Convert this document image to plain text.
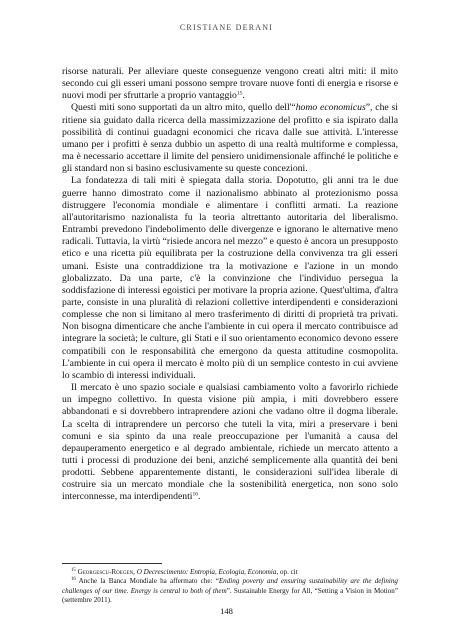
CRISTIANE DERANI

risorse naturali. Per alleviare queste conseguenze vengono creati altri miti: il mito secondo cui gli esseri umani possono sempre trovare nuove fonti di energia e risorse e nuovi modi per sfruttarle a proprio vantaggio$^{15}$.

Questi miti sono supportati da un altro mito, quello dell'“homo economicus”, che si ritiene sia guidato dalla ricerca della massimizzazione del profitto e sia ispirato dalla possibilità di continui guadagni economici che ricava dalle sue attività. L'interesse umano per i profitti è senza dubbio un aspetto di una realtà multiforme e complessa, ma è necessario accettare il limite del pensiero unidimensionale affinché le politiche e gli standard non si basino esclusivamente su queste concezioni.

La fondatezza di tali miti è spiegata dalla storia. Dopotutto, gli anni tra le due guerre hanno dimostrato come il nazionalismo abbinato al protezionismo possa distruggere l'economia mondiale e alimentare i conflitti armati. La reazione all'autoritarismo nazionalista fu la teoria altrettanto autoritaria del liberalismo. Entrambi prevedono l'indebolimento delle divergenze e ignorano le alternative meno radicali. Tuttavia, la virtù “risiede ancora nel mezzo” e questo è ancora un presupposto etico e una ricetta più equilibrata per la costruzione della convivenza tra gli esseri umani. Esiste una contraddizione tra la motivazione e l'azione in un mondo globalizzato. Da una parte, c'è la convinzione che l'individuo persegua la soddisfazione di interessi egoistici per motivare la propria azione. Quest'ultima, d'altra parte, consiste in una pluralità di relazioni collettive interdipendenti e considerazioni complesse che non si limitano al mero trasferimento di diritti di proprietà tra privati. Non bisogna dimenticare che anche l'ambiente in cui opera il mercato contribuisce ad integrare la società; le culture, gli Stati e il suo orientamento economico devono essere compatibili con le responsabilità che emergono da questa attitudine cosmopolita. L'ambiente in cui opera il mercato è molto più di un semplice contesto in cui avviene lo scambio di interessi individuali.

Il mercato è uno spazio sociale e qualsiasi cambiamento volto a favorirlo richiede un impegno collettivo. In questa visione più ampia, i miti dovrebbero essere abbandonati e si dovrebbero intraprendere azioni che vadano oltre il dogma liberale. La scelta di intraprendere un percorso che tuteli la vita, miri a preservare i beni comuni e sia spinto da una reale preoccupazione per l'umanità a causa del depauperamento energetico e al degrado ambientale, richiede un mercato attento a tutti i processi di produzione dei beni, anziché semplicemente alla quantità dei beni prodotti. Sebbene apparentemente distanti, le considerazioni sull'idea liberale di costruire sia un mercato mondiale che la sostenibilità energetica, non sono solo interconnesse, ma interdipendenti$^{16}$.

$^{15}$ Georgescu-Roegen, O Decrescimento: Entropia, Ecologia, Economia, op. cit

$^{16}$ Anche la Banca Mondiale ha affermato che: “Ending poverty and ensuring sustainability are the defining challenges of our time. Energy is central to both of them”. Sustainable Energy for All, “Setting a Vision in Motion” (settembre 2011).

148
